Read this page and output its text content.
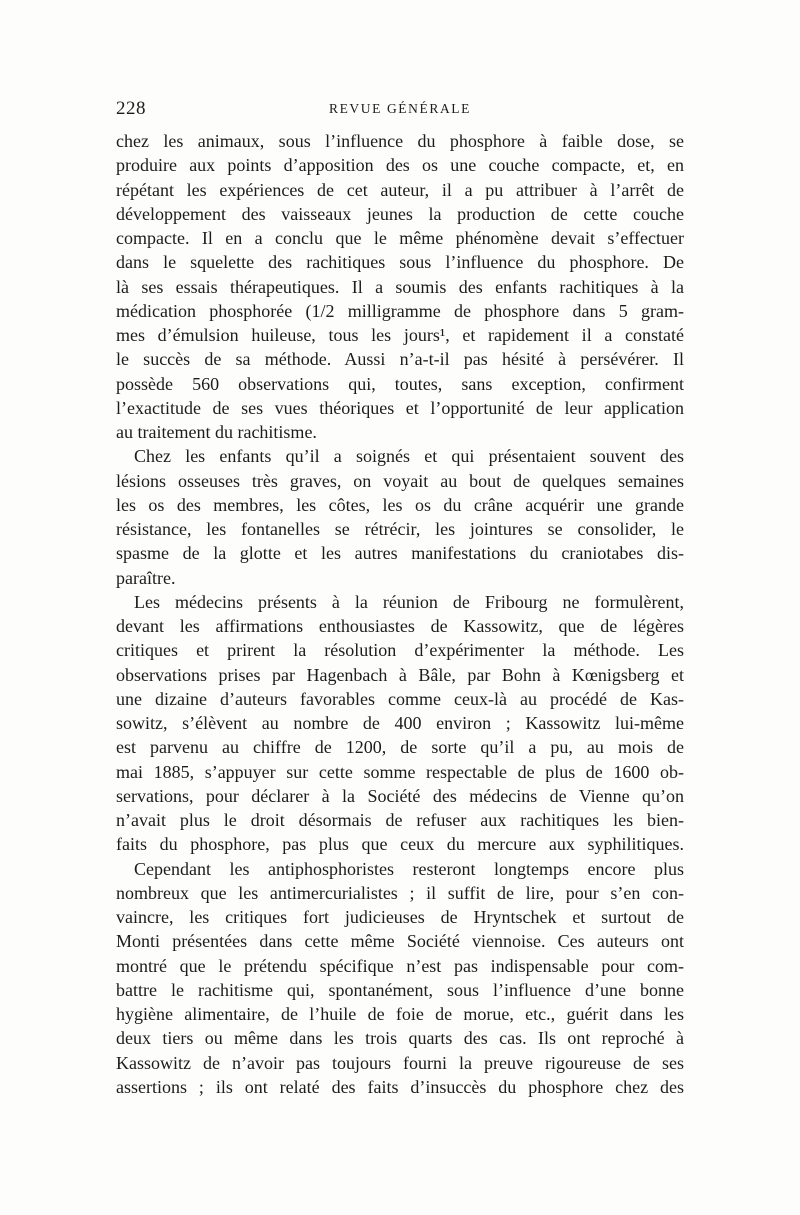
228	REVUE GÉNÉRALE
chez les animaux, sous l’influence du phosphore à faible dose, se
produire aux points d’apposition des os une couche compacte, et, en
répétant les expériences de cet auteur, il a pu attribuer à l’arrêt de
développement des vaisseaux jeunes la production de cette couche
compacte. Il en a conclu que le même phénomène devait s’effectuer
dans le squelette des rachitiques sous l’influence du phosphore. De
là ses essais thérapeutiques. Il a soumis des enfants rachitiques à la
médication phosphorée (1/2 milligramme de phosphore dans 5 gram-
mes d’émulsion huileuse, tous les jours¹, et rapidement il a constaté
le succès de sa méthode. Aussi n’a-t-il pas hésité à persévérer. Il
possède 560 observations qui, toutes, sans exception, confirment
l’exactitude de ses vues théoriques et l’opportunité de leur application
au traitement du rachitisme.
Chez les enfants qu’il a soignés et qui présentaient souvent des
lésions osseuses très graves, on voyait au bout de quelques semaines
les os des membres, les côtes, les os du crâne acquérir une grande
résistance, les fontanelles se rétrécir, les jointures se consolider, le
spasme de la glotte et les autres manifestations du craniotabes dis-
paraître.
Les médecins présents à la réunion de Fribourg ne formulèrent,
devant les affirmations enthousiastes de Kassowitz, que de légères
critiques et prirent la résolution d’expérimenter la méthode. Les
observations prises par Hagenbach à Bâle, par Bohn à Kœnigsberg et
une dizaine d’auteurs favorables comme ceux-là au procédé de Kas-
sowitz, s’élèvent au nombre de 400 environ ; Kassowitz lui-même
est parvenu au chiffre de 1200, de sorte qu’il a pu, au mois de
mai 1885, s’appuyer sur cette somme respectable de plus de 1600 ob-
servations, pour déclarer à la Société des médecins de Vienne qu’on
n’avait plus le droit désormais de refuser aux rachitiques les bien-
faits du phosphore, pas plus que ceux du mercure aux syphilitiques.
Cependant les antiphosphoristes resteront longtemps encore plus
nombreux que les antimercurialistes ; il suffit de lire, pour s’en con-
vaincre, les critiques fort judicieuses de Hryntschek et surtout de
Monti présentées dans cette même Société viennoise. Ces auteurs ont
montré que le prétendu spécifique n’est pas indispensable pour com-
battre le rachitisme qui, spontanément, sous l’influence d’une bonne
hygiène alimentaire, de l’huile de foie de morue, etc., guérit dans les
deux tiers ou même dans les trois quarts des cas. Ils ont reproché à
Kassowitz de n’avoir pas toujours fourni la preuve rigoureuse de ses
assertions ; ils ont relaté des faits d’insuccès du phosphore chez des
